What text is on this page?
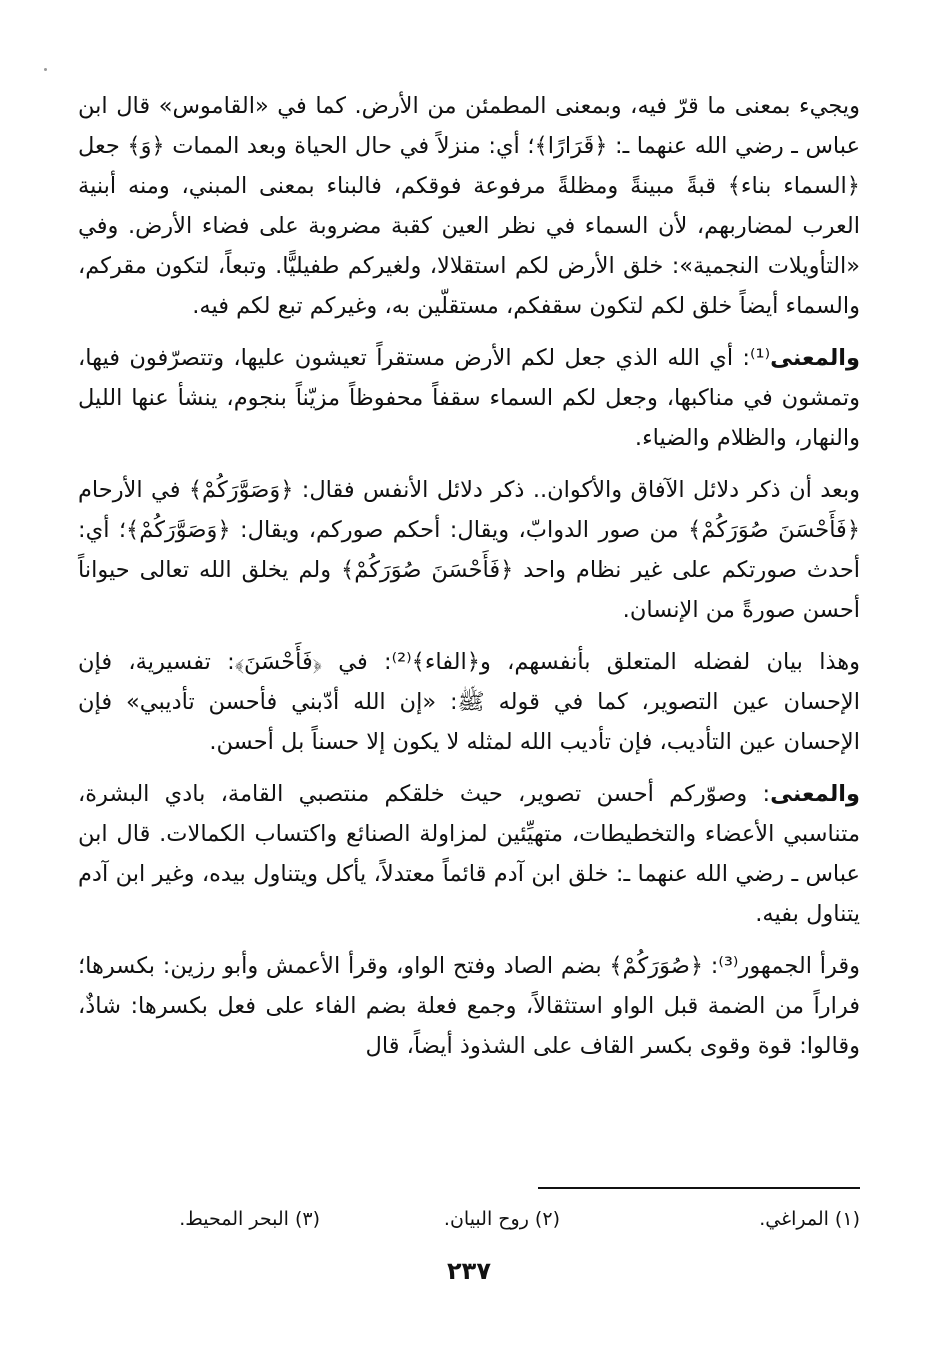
ويجيء بمعنى ما قرّ فيه، وبمعنى المطمئن من الأرض. كما في «القاموس» قال ابن عباس ـ رضي الله عنهما ـ: ﴿قَرَارًا﴾؛ أي: منزلاً في حال الحياة وبعد الممات ﴿وَ﴾ جعل ﴿السماء بناء﴾ قبةً مبينةً ومظلةً مرفوعة فوقكم، فالبناء بمعنى المبني، ومنه أبنية العرب لمضاربهم، لأن السماء في نظر العين كقبة مضروبة على فضاء الأرض. وفي «التأويلات النجمية»: خلق الأرض لكم استقلالا، ولغيركم طفيليًّا. وتبعاً، لتكون مقركم، والسماء أيضاً خلق لكم لتكون سقفكم، مستقلّين به، وغيركم تبع لكم فيه.

والمعنى⁽¹⁾: أي الله الذي جعل لكم الأرض مستقراً تعيشون عليها، وتتصرّفون فيها، وتمشون في مناكبها، وجعل لكم السماء سقفاً محفوظاً مزيّناً بنجوم، ينشأ عنها الليل والنهار، والظلام والضياء.

وبعد أن ذكر دلائل الآفاق والأكوان.. ذكر دلائل الأنفس فقال: ﴿وَصَوَّرَكُمْ﴾ في الأرحام ﴿فَأَحْسَنَ صُوَرَكُمْ﴾ من صور الدوابّ، ويقال: أحكم صوركم، ويقال: ﴿وَصَوَّرَكُمْ﴾؛ أي: أحدث صورتكم على غير نظام واحد ﴿فَأَحْسَنَ صُوَرَكُمْ﴾ ولم يخلق الله تعالى حيواناً أحسن صورةً من الإنسان.

وهذا بيان لفضله المتعلق بأنفسهم، و﴿الفاء﴾⁽²⁾: في ﴿فَأَحْسَنَ﴾: تفسيرية، فإن الإحسان عين التصوير، كما في قوله ﷺ: «إن الله أدّبني فأحسن تأديبي» فإن الإحسان عين التأديب، فإن تأديب الله لمثله لا يكون إلا حسناً بل أحسن.

والمعنى: وصوّركم أحسن تصوير، حيث خلقكم منتصبي القامة، بادي البشرة، متناسبي الأعضاء والتخطيطات، متهيِّئين لمزاولة الصنائع واكتساب الكمالات. قال ابن عباس ـ رضي الله عنهما ـ: خلق ابن آدم قائماً معتدلاً، يأكل ويتناول بيده، وغير ابن آدم يتناول بفيه.

وقرأ الجمهور⁽³⁾: ﴿صُوَرَكُمْ﴾ بضم الصاد وفتح الواو، وقرأ الأعمش وأبو رزين: بكسرها؛ فراراً من الضمة قبل الواو استثقالاً، وجمع فعلة بضم الفاء على فعل بكسرها: شاذٌ، وقالوا: قوة وقوى بكسر القاف على الشذوذ أيضاً، قال

(١) المراغي.
(٢) روح البيان.
(٣) البحر المحيط.
٢٣٧
